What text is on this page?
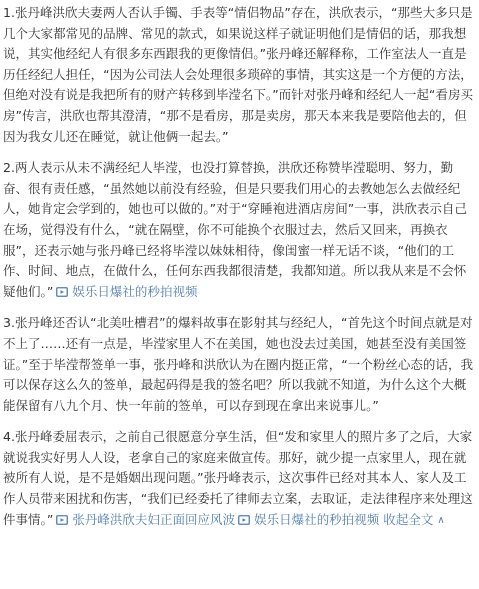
1.张丹峰洪欣夫妻两人否认手镯、手表等“情侣物品”存在，洪欣表示，“那些大多只是几个大家都常见的品牌、常见的款式，如果说这样子就证明他们是情侣的话，那我想说，其实他经纪人有很多东西跟我的更像情侣。”张丹峰还解释称，工作室法人一直是历任经纪人担任，“因为公司法人会处理很多琐碎的事情，其实这是一个方便的方法，但绝对没有说是我把所有的财产转移到毕滢名下。”而针对张丹峰和经纪人一起“看房买房”传言，洪欣也帮其澄清，“那不是看房，那是卖房，那天本来我是要陪他去的，但因为我女儿还在睡觉，就让他俩一起去。”

2.两人表示从未不满经纪人毕滢，也没打算替换，洪欣还称赞毕滢聪明、努力，勤奋、很有责任感，“虽然她以前没有经验，但是只要我们用心的去教她怎么去做经纪人，她肯定会学到的，她也可以做的。”对于“穿睡袍进酒店房间”一事，洪欣表示自己在场，觉得没有什么，“就在隔壁，你不可能换个衣服过去，然后又回来，再换衣服”，还表示她与张丹峰已经将毕滢以妹妹相待，像闺蜜一样无话不谈，“他们的工作、时间、地点，在做什么，任何东西我都很清楚，我都知道。所以我从来是不会怀疑他们。” 娱乐日爆社的秒拍视频

3.张丹峰还否认“北美吐槽君”的爆料故事在影射其与经纪人，“首先这个时间点就是对不上了……还有一点是，毕滢家里人不在美国，她也没去过美国，她甚至没有美国签证。”至于毕滢帮签单一事，张丹峰和洪欣认为在圈内挺正常，“一个粉丝心态的话，我可以保存这么久的签单，最起码得是我的签名吧？所以我就不知道，为什么这个大概能保留有八九个月、快一年前的签单，可以存到现在拿出来说事儿。”

4.张丹峰委屈表示，之前自己很愿意分享生活，但“发和家里人的照片多了之后，大家就说我实好男人人设，老拿自己的家庭来做宣传。那好，就少提一点家里人，现在就被所有人说，是不是婚姻出现问题。”张丹峰表示，这次事件已经对其本人、家人及工作人员带来困扰和伤害，“我们已经委托了律师去立案，去取证，走法律程序来处理这件事情。” 张丹峰洪欣夫妇正面回应风波 娱乐日爆社的秒拍视频 收起全文 ∧
